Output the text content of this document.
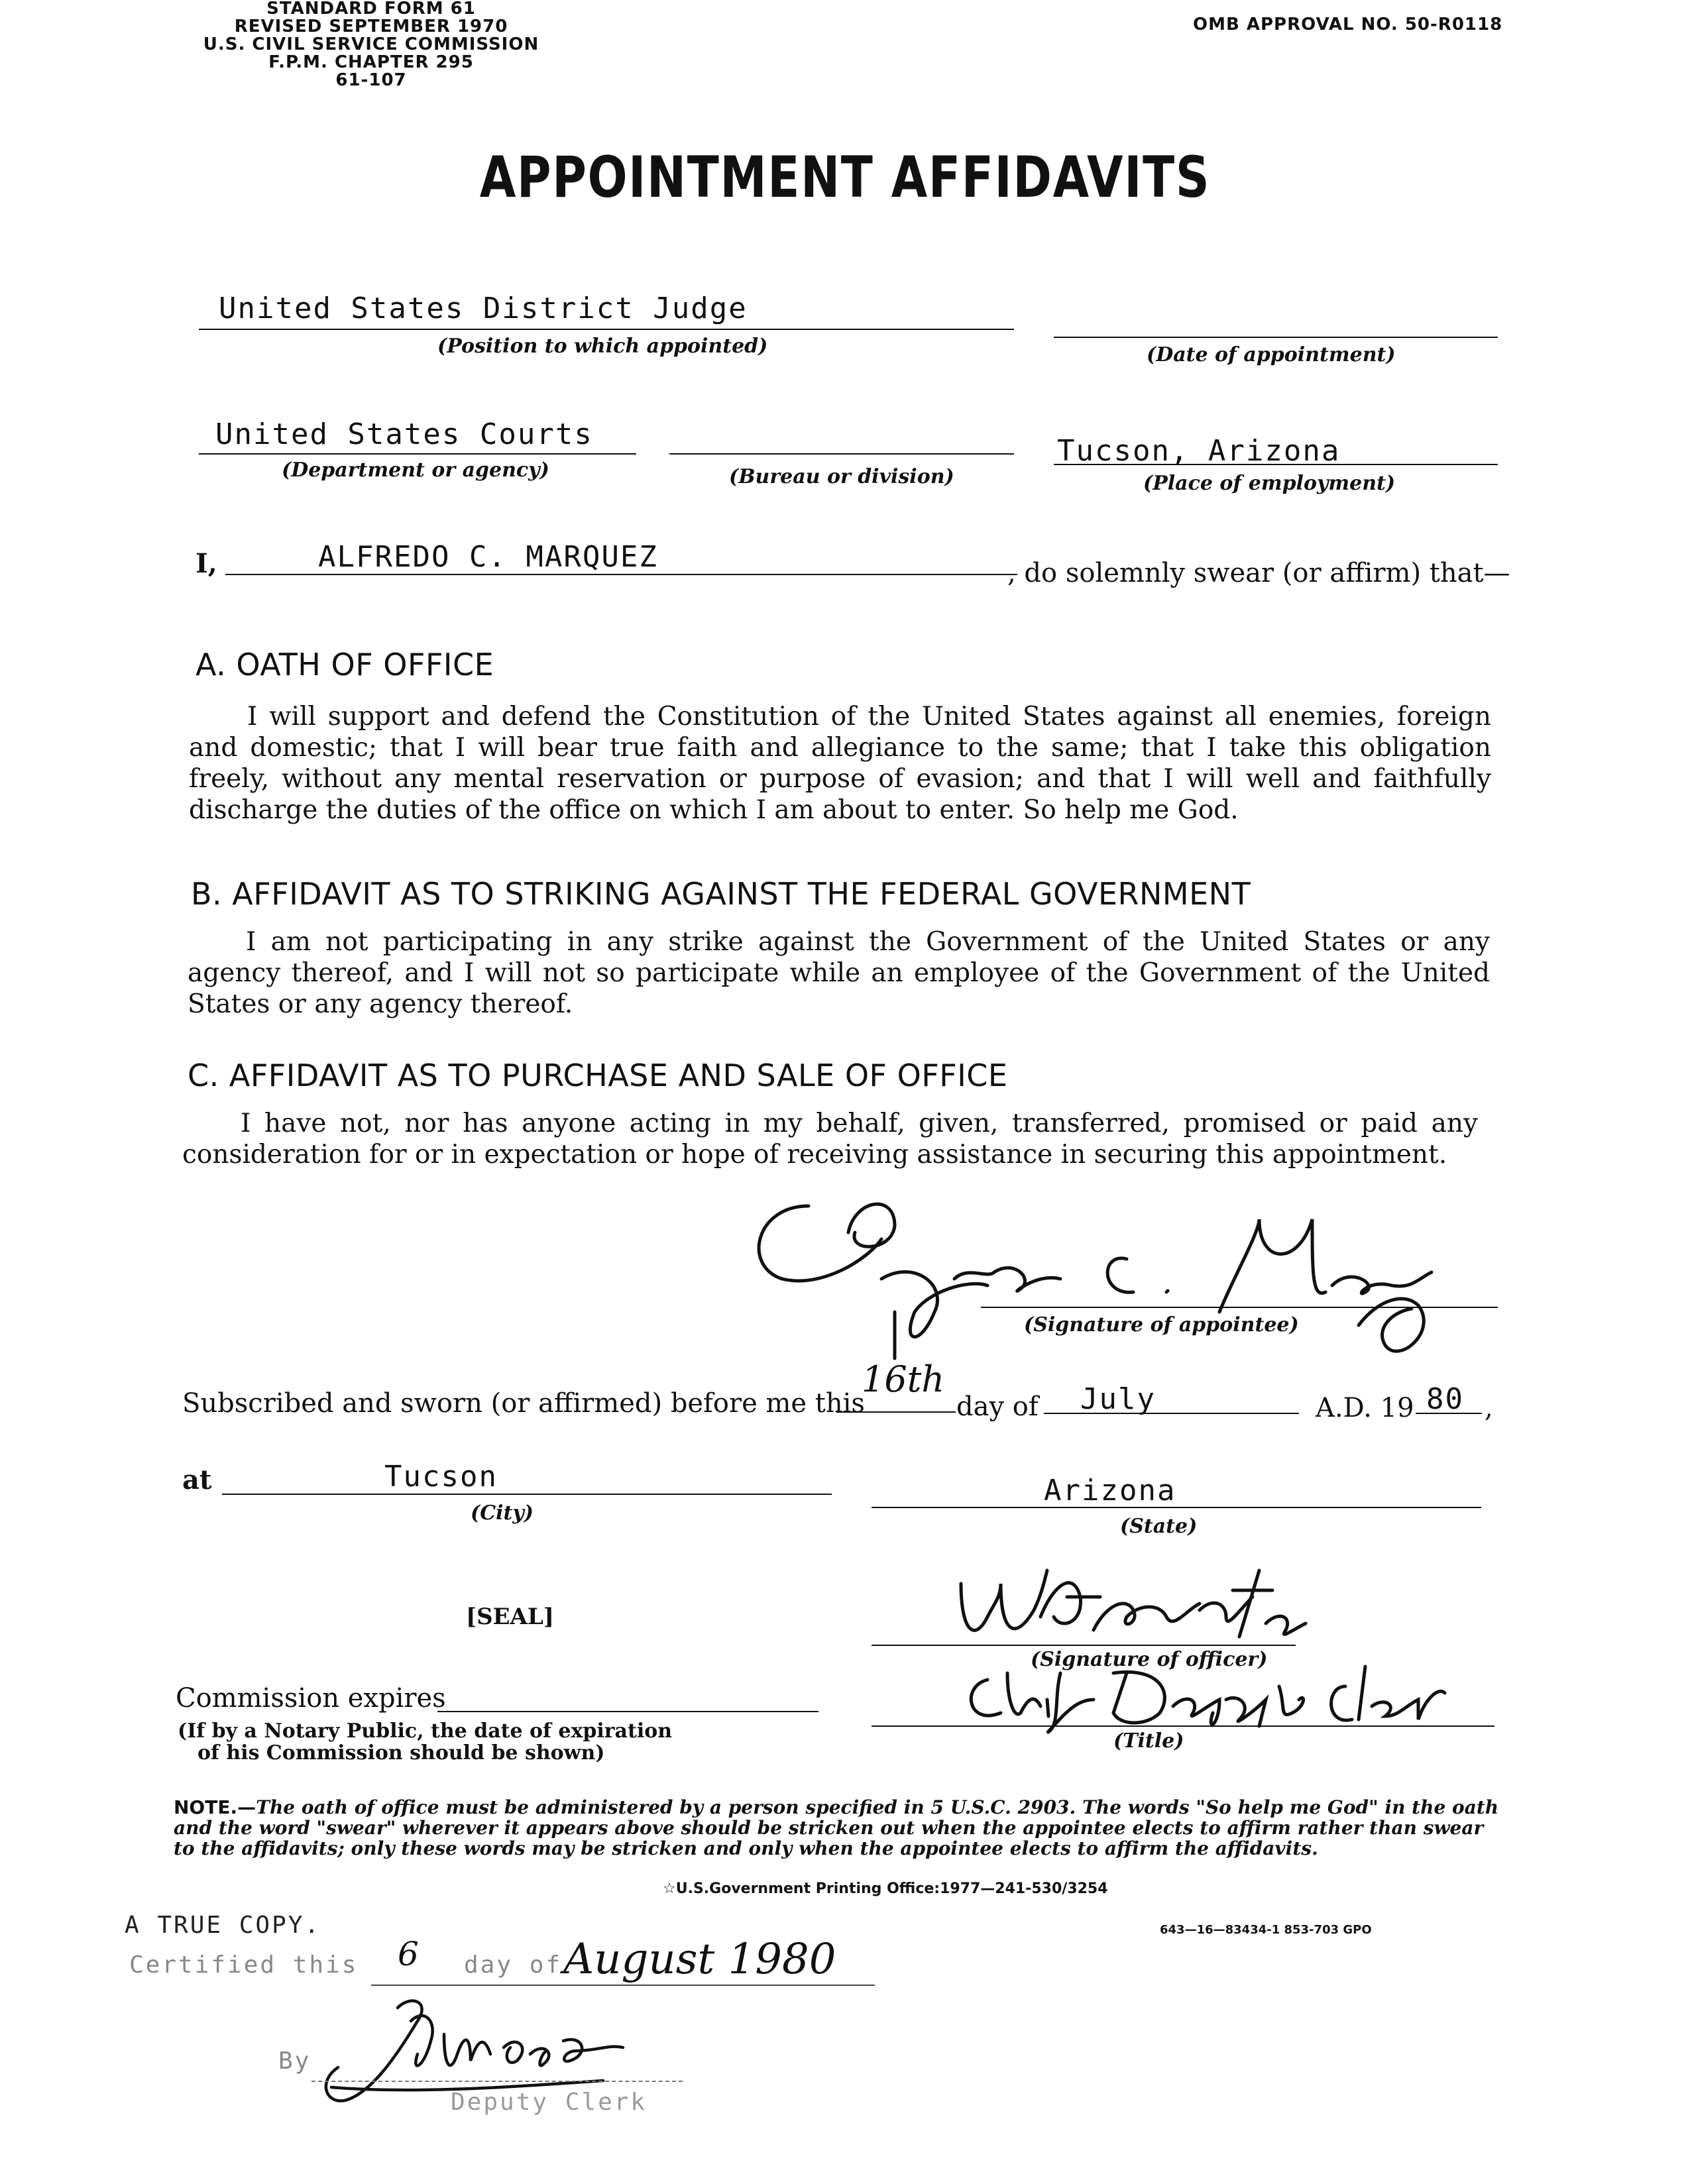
STANDARD FORM 61
REVISED SEPTEMBER 1970
U.S. CIVIL SERVICE COMMISSION
F.P.M. CHAPTER 295
61-107
OMB APPROVAL NO. 50-R0118
APPOINTMENT AFFIDAVITS
United States District Judge
(Position to which appointed)	(Date of appointment)
United States Courts
(Department or agency)	(Bureau or division)
Tucson, Arizona
(Place of employment)
I,	ALFREDO C. MARQUEZ	, do solemnly swear (or affirm) that—
A. OATH OF OFFICE
I will support and defend the Constitution of the United States against all enemies, foreign and domestic; that I will bear true faith and allegiance to the same; that I take this obligation freely, without any mental reservation or purpose of evasion; and that I will well and faithfully discharge the duties of the office on which I am about to enter. So help me God.
B. AFFIDAVIT AS TO STRIKING AGAINST THE FEDERAL GOVERNMENT
I am not participating in any strike against the Government of the United States or any agency thereof, and I will not so participate while an employee of the Government of the United States or any agency thereof.
C. AFFIDAVIT AS TO PURCHASE AND SALE OF OFFICE
I have not, nor has anyone acting in my behalf, given, transferred, promised or paid any consideration for or in expectation or hope of receiving assistance in securing this appointment.
(Signature of appointee)
Subscribed and sworn (or affirmed) before me this
16th
day of July	A.D. 19 80 ,
at	Tucson
(City)
Arizona
(State)
[SEAL]
(Signature of officer)
Commission expires
(If by a Notary Public, the date of expiration
of his Commission should be shown)
(Title)
NOTE.—The oath of office must be administered by a person specified in 5 U.S.C. 2903. The words "So help me God" in the oath and the word "swear" wherever it appears above should be stricken out when the appointee elects to affirm rather than swear to the affidavits; only these words may be stricken and only when the appointee elects to affirm the affidavits.
☆U.S.Government Printing Office:1977—241-530/3254
643—16—83434-1 853-703 GPO
A TRUE COPY.
Certified this 6 day of August 1980
By
Deputy Clerk
